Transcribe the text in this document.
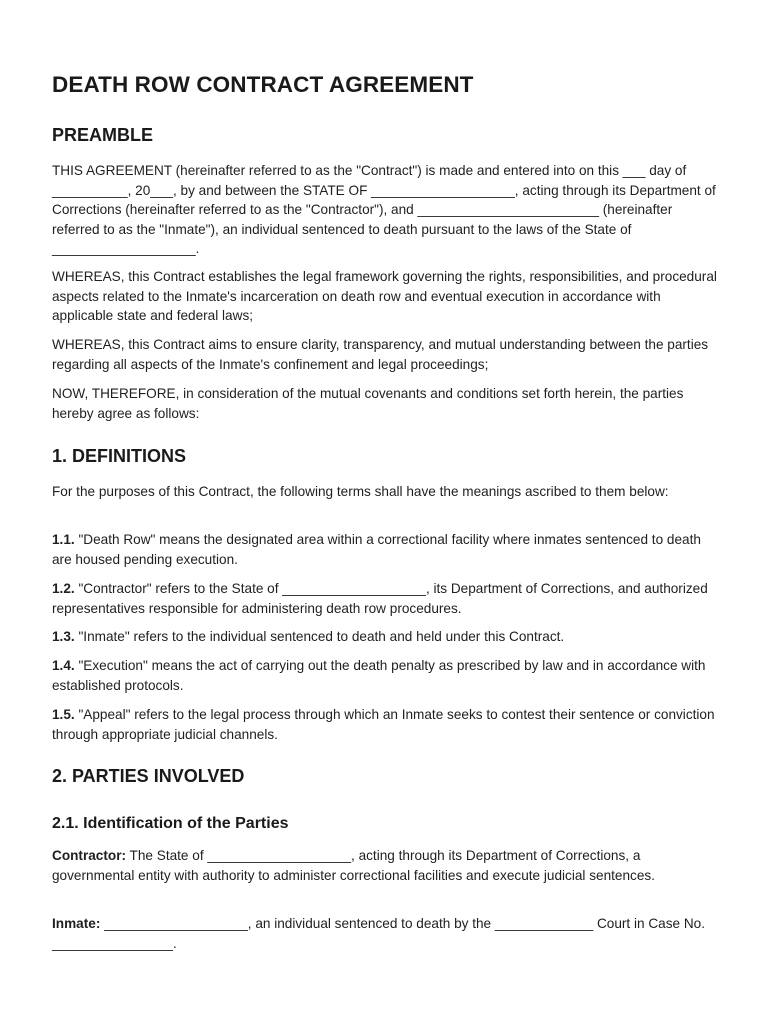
DEATH ROW CONTRACT AGREEMENT
PREAMBLE

THIS AGREEMENT (hereinafter referred to as the "Contract") is made and entered into on this ___ day of __________, 20___, by and between the STATE OF ___________________, acting through its Department of Corrections (hereinafter referred to as the "Contractor"), and ________________________ (hereinafter referred to as the "Inmate"), an individual sentenced to death pursuant to the laws of the State of ___________________.

WHEREAS, this Contract establishes the legal framework governing the rights, responsibilities, and procedural aspects related to the Inmate's incarceration on death row and eventual execution in accordance with applicable state and federal laws;

WHEREAS, this Contract aims to ensure clarity, transparency, and mutual understanding between the parties regarding all aspects of the Inmate's confinement and legal proceedings;

NOW, THEREFORE, in consideration of the mutual covenants and conditions set forth herein, the parties hereby agree as follows:

1. DEFINITIONS

For the purposes of this Contract, the following terms shall have the meanings ascribed to them below:

1.1. "Death Row" means the designated area within a correctional facility where inmates sentenced to death are housed pending execution.

1.2. "Contractor" refers to the State of ___________________, its Department of Corrections, and authorized representatives responsible for administering death row procedures.

1.3. "Inmate" refers to the individual sentenced to death and held under this Contract.

1.4. "Execution" means the act of carrying out the death penalty as prescribed by law and in accordance with established protocols.

1.5. "Appeal" refers to the legal process through which an Inmate seeks to contest their sentence or conviction through appropriate judicial channels.

2. PARTIES INVOLVED
2.1. Identification of the Parties

Contractor: The State of ___________________, acting through its Department of Corrections, a governmental entity with authority to administer correctional facilities and execute judicial sentences.

Inmate: ___________________, an individual sentenced to death by the _____________ Court in Case No. ________________.
